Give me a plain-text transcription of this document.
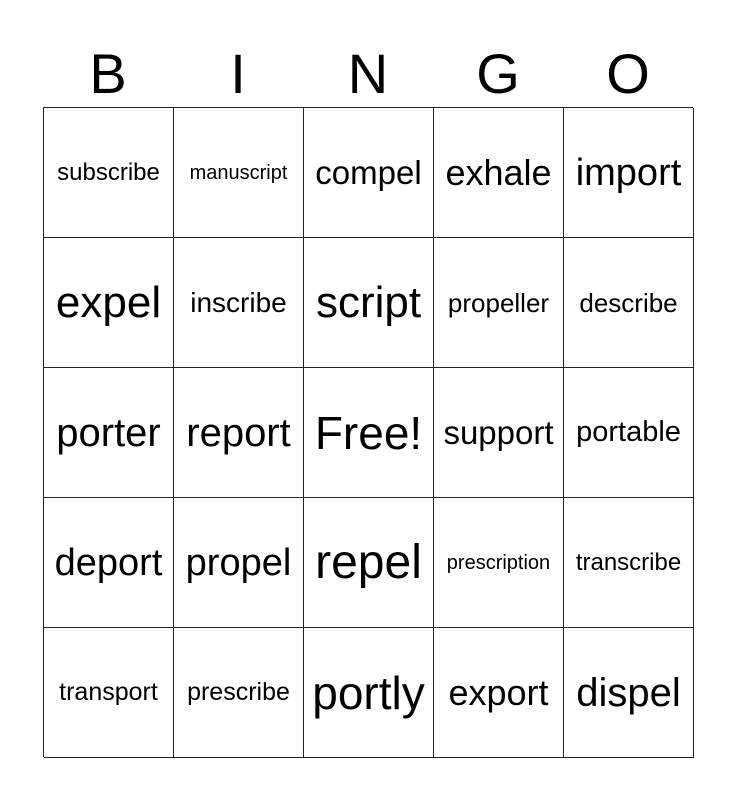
B	I	N	G	O
subscribe manuscript compel exhale import
expel inscribe script propeller describe
porter report Free! support portable
deport propel repel prescription transcribe
transport prescribe portly export dispel
